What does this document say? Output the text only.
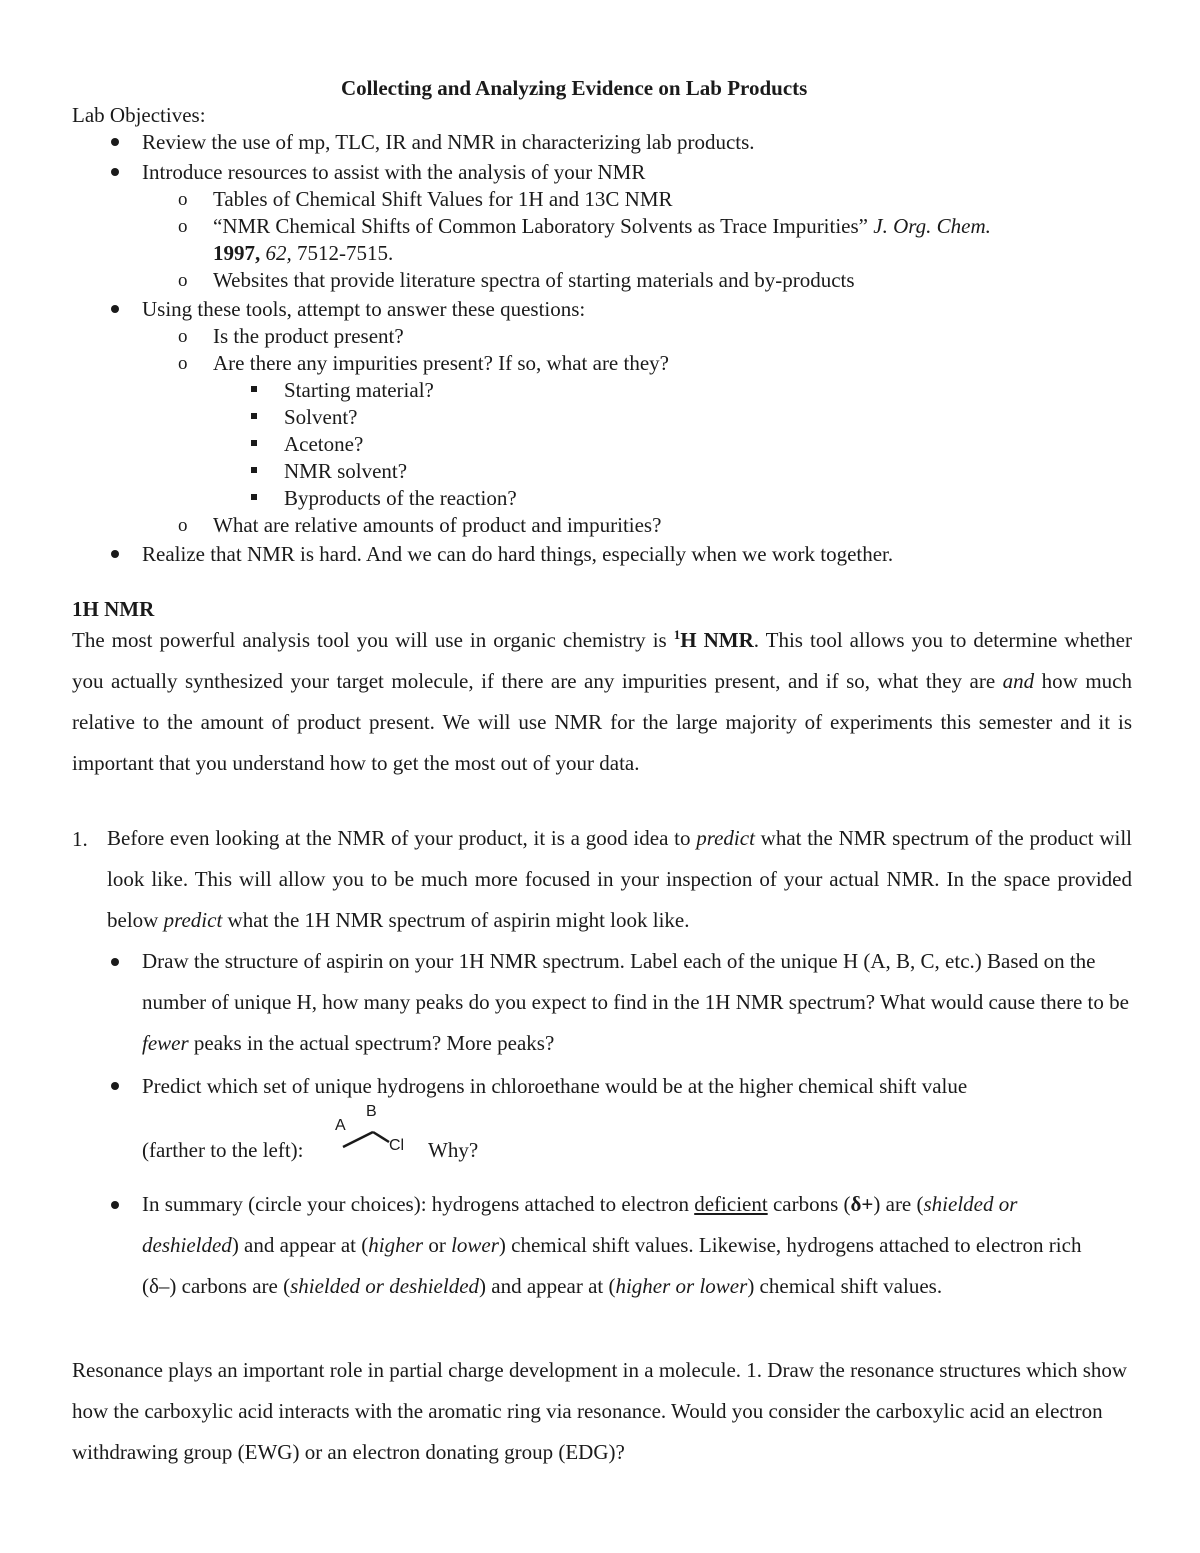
Collecting and Analyzing Evidence on Lab Products
Lab Objectives:
Review the use of mp, TLC, IR and NMR in characterizing lab products.
Introduce resources to assist with the analysis of your NMR
o Tables of Chemical Shift Values for 1H and 13C NMR
o “NMR Chemical Shifts of Common Laboratory Solvents as Trace Impurities” J. Org. Chem.
1997, 62, 7512-7515.
o Websites that provide literature spectra of starting materials and by-products
Using these tools, attempt to answer these questions:
o Is the product present?
o Are there any impurities present? If so, what are they?
Starting material?
Solvent?
Acetone?
NMR solvent?
Byproducts of the reaction?
o What are relative amounts of product and impurities?
Realize that NMR is hard. And we can do hard things, especially when we work together.
1H NMR
The most powerful analysis tool you will use in organic chemistry is $^1$H NMR. This tool allows you to determine whether you actually synthesized your target molecule, if there are any impurities present, and if so, what they are and how much relative to the amount of product present. We will use NMR for the large majority of experiments this semester and it is important that you understand how to get the most out of your data.
1. Before even looking at the NMR of your product, it is a good idea to predict what the NMR spectrum of the product will look like. This will allow you to be much more focused in your inspection of your actual NMR. In the space provided below predict what the 1H NMR spectrum of aspirin might look like.
Draw the structure of aspirin on your 1H NMR spectrum. Label each of the unique H (A, B, C, etc.) Based on the number of unique H, how many peaks do you expect to find in the 1H NMR spectrum? What would cause there to be fewer peaks in the actual spectrum? More peaks?
Predict which set of unique hydrogens in chloroethane would be at the higher chemical shift value
(farther to the left):
A
B
Cl Why?
In summary (circle your choices): hydrogens attached to electron deficient carbons (δ+) are (shielded or deshielded) and appear at (higher or lower) chemical shift values. Likewise, hydrogens attached to electron rich (δ–) carbons are (shielded or deshielded) and appear at (higher or lower) chemical shift values.
Resonance plays an important role in partial charge development in a molecule. 1. Draw the resonance structures which show how the carboxylic acid interacts with the aromatic ring via resonance. Would you consider the carboxylic acid an electron withdrawing group (EWG) or an electron donating group (EDG)?
